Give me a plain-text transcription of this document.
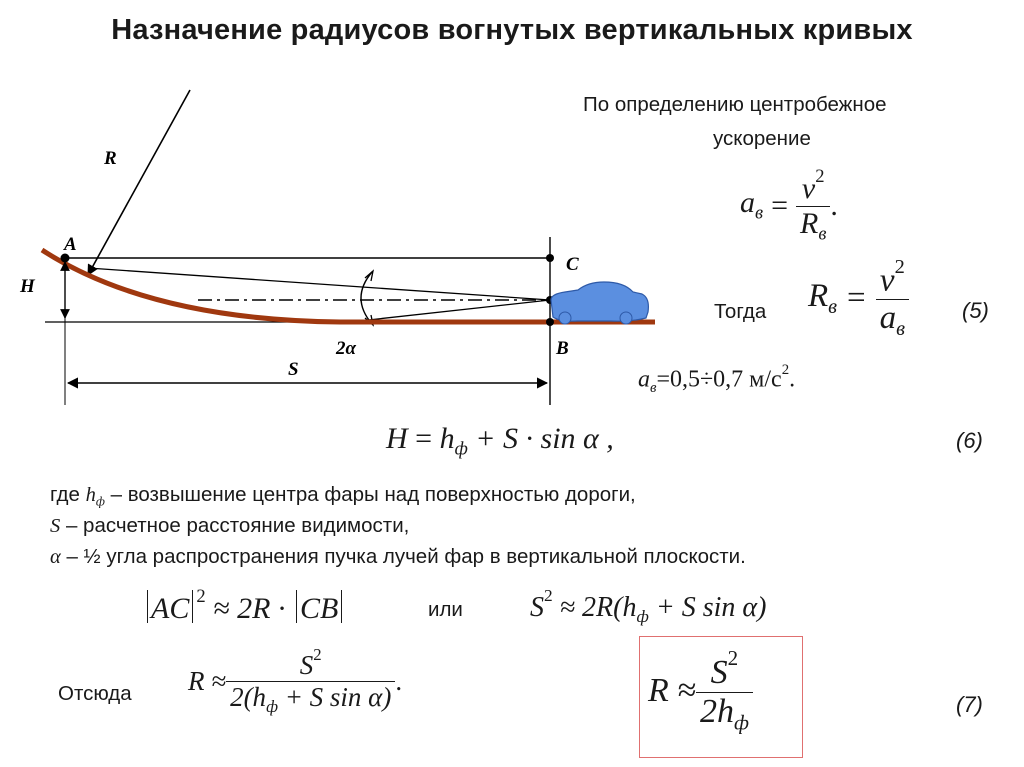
Назначение радиусов вогнутых вертикальных кривых
R
A
H
C
B
2α
S
По определению центробежное
ускорение
$a_в = \frac{v^2}{R_в}$ .
Тогда $R_в = \frac{v^2}{a_в} (5)$
$a_в=0,5\div 0,7$ $м/с^2$.
$H = h_ф + S \cdot \sin \alpha$ ,	(6)
где $h_ф$ – возвышение центра фары над поверхностью дороги,
S – расчетное расстояние видимости,
α – ½ угла распространения пучка лучей фар в вертикальной плоскости.
AC $^2$ ≈ 2R · CB	или $S^2 \approx 2R(h_ф + S$ sin α)
Отсюда $R \approx \frac{S^2}{2(h_ф + S \sin \alpha)}$ .	$R \approx \frac{S^2}{2h_ф}$	(7)
